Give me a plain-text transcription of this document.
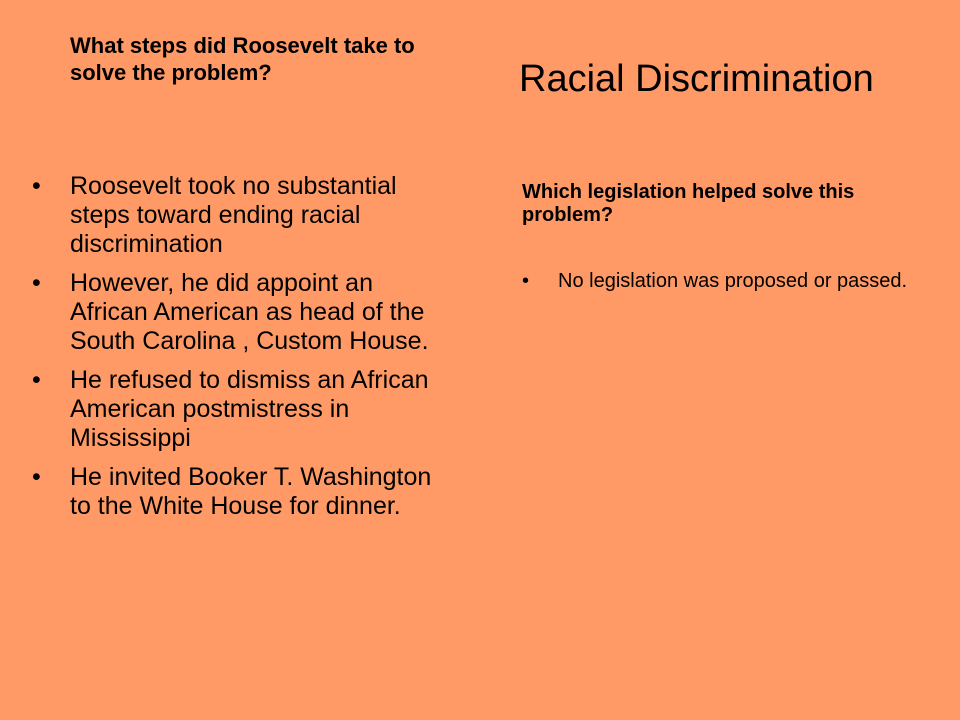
What steps did Roosevelt take to solve the problem?
•	Roosevelt took no substantial steps toward ending racial discrimination
•	However, he did appoint an African American as head of the South Carolina , Custom House.
•	He refused to dismiss an African American postmistress in Mississippi
•	He invited Booker T. Washington to the White House for dinner.
Racial Discrimination
Which legislation helped solve this problem?
•	No legislation was proposed or passed.
